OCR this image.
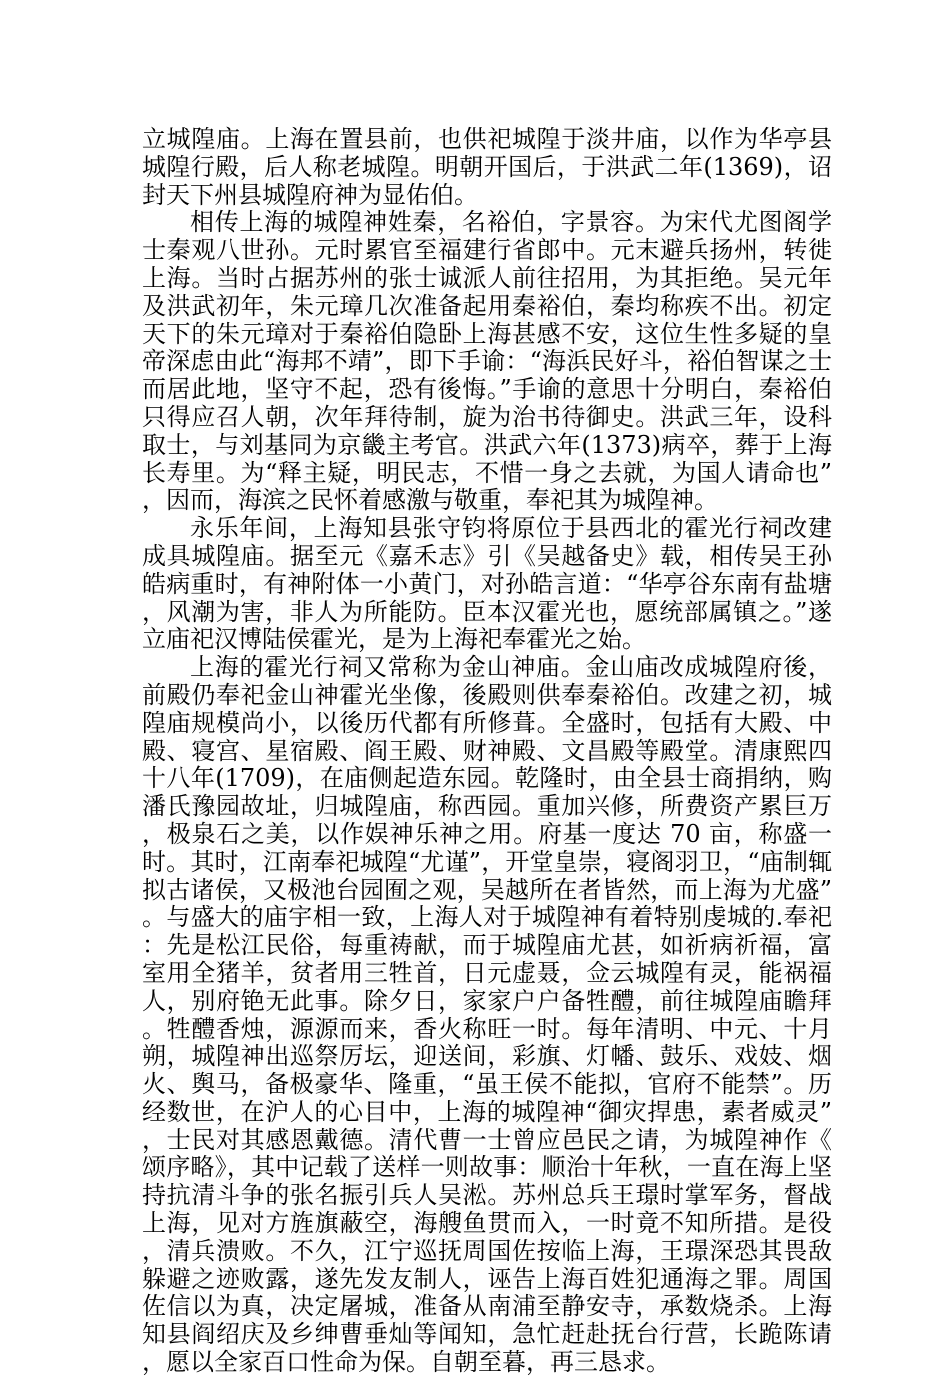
立城隍庙。上海在置县前，也供祀城隍于淡井庙，以作为华亭县城隍行殿，后人称老城隍。明朝开国后，于洪武二年(1369)，诏封天下州县城隍府神为显佑伯。

相传上海的城隍神姓秦，名裕伯，字景容。为宋代尤图阁学士秦观八世孙。元时累官至福建行省郎中。元末避兵扬州，转徙上海。当时占据苏州的张士诚派人前往招用，为其拒绝。吴元年及洪武初年，朱元璋几次准备起用秦裕伯，秦均称疾不出。初定天下的朱元璋对于秦裕伯隐卧上海甚感不安，这位生性多疑的皇帝深虑由此“海邦不靖”，即下手谕：“海浜民好斗，裕伯智谋之士而居此地，坚守不起，恐有後悔。”手谕的意思十分明白，秦裕伯只得应召人朝，次年拜待制，旋为治书待御史。洪武三年，设科取士，与刘基同为京畿主考官。洪武六年(1373)病卒，葬于上海长寿里。为“释主疑，明民志，不惜一身之去就，为国人请命也”，因而，海滨之民怀着感激与敬重，奉祀其为城隍神。

永乐年间，上海知县张守钧将原位于县西北的霍光行祠改建成具城隍庙。据至元《嘉禾志》引《吴越备史》载，相传吴王孙皓病重时，有神附体一小黄门，对孙皓言道：“华亭谷东南有盐塘，风潮为害，非人为所能防。臣本汉霍光也，愿统部属镇之。”遂立庙祀汉博陆侯霍光，是为上海祀奉霍光之始。

上海的霍光行祠又常称为金山神庙。金山庙改成城隍府後，前殿仍奉祀金山神霍光坐像，後殿则供奉秦裕伯。改建之初，城隍庙规模尚小，以後历代都有所修葺。全盛时，包括有大殿、中殿、寝宫、星宿殿、阎王殿、财神殿、文昌殿等殿堂。清康熙四十八年(1709)，在庙侧起造东园。乾隆时，由全县士商捐纳，购潘氏豫园故址，归城隍庙，称西园。重加兴修，所费资产累巨万，极泉石之美，以作娱神乐神之用。府基一度达 70 亩，称盛一时。其时，江南奉祀城隍“尤谨”，开堂皇崇，寝阁羽卫，“庙制辄拟古诸侯，又极池台园囿之观，吴越所在者皆然，而上海为尤盛”。与盛大的庙宇相一致，上海人对于城隍神有着特别虔城的.奉祀：先是松江民俗，每重祷献，而于城隍庙尤甚，如祈病祈福，富室用全猪羊，贫者用三牲首，日元虚聂，佥云城隍有灵，能祸福人，别府铯无此事。除夕日，家家户户备牲醴，前往城隍庙瞻拜。牲醴香烛，源源而来，香火称旺一时。每年清明、中元、十月朔，城隍神出巡祭厉坛，迎送间，彩旗、灯幡、鼓乐、戏妓、烟火、舆马，备极豪华、隆重，“虽王侯不能拟，官府不能禁”。历经数世，在沪人的心目中，上海的城隍神“御灾捍患，素者威灵”，士民对其感恩戴德。清代曹一士曾应邑民之请，为城隍神作《颂序略》，其中记载了送样一则故事：顺治十年秋，一直在海上坚持抗清斗争的张名振引兵人吴淞。苏州总兵王璟时掌军务，督战上海，见对方旌旗蔽空，海艘鱼贯而入，一时竟不知所措。是役，清兵溃败。不久，江宁巡抚周国佐按临上海，王璟深恐其畏敌躲避之迹败露，遂先发友制人，诬告上海百姓犯通海之罪。周国佐信以为真，决定屠城，准备从南浦至静安寺，承数烧杀。上海知县阎绍庆及乡绅曹垂灿等闻知，急忙赶赴抚台行营，长跪陈请，愿以全家百口性命为保。自朝至暮，再三恳求。
